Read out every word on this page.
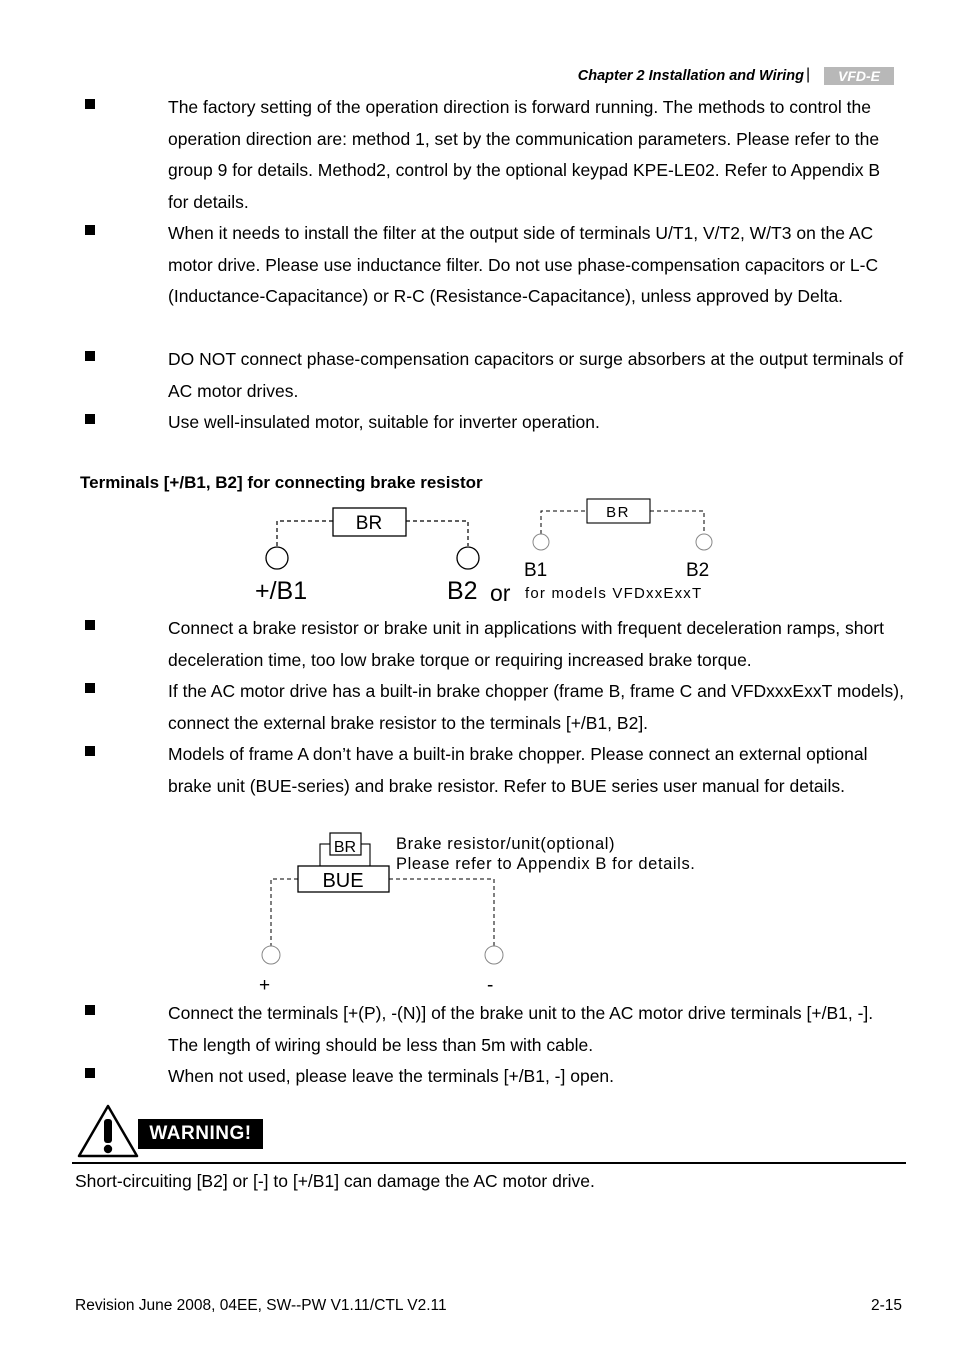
Chapter 2 Installation and Wiring | VFD-E
The factory setting of the operation direction is forward running. The methods to control the operation direction are: method 1, set by the communication parameters. Please refer to the group 9 for details. Method2, control by the optional keypad KPE-LE02. Refer to Appendix B for details.
When it needs to install the filter at the output side of terminals U/T1, V/T2, W/T3 on the AC motor drive. Please use inductance filter. Do not use phase-compensation capacitors or L-C (Inductance-Capacitance) or R-C (Resistance-Capacitance), unless approved by Delta.
DO NOT connect phase-compensation capacitors or surge absorbers at the output terminals of AC motor drives.
Use well-insulated motor, suitable for inverter operation.
Terminals [+/B1, B2] for connecting brake resistor
BR
+/B1	B2 or
BR
B1	B2
for models VFDxxExxT
Connect a brake resistor or brake unit in applications with frequent deceleration ramps, short deceleration time, too low brake torque or requiring increased brake torque.
If the AC motor drive has a built-in brake chopper (frame B, frame C and VFDxxxExxT models), connect the external brake resistor to the terminals [+/B1, B2].
Models of frame A don’t have a built-in brake chopper. Please connect an external optional brake unit (BUE-series) and brake resistor. Refer to BUE series user manual for details.
BR
BUE
Brake resistor/unit(optional)
Please refer to Appendix B for details.
+	-
Connect the terminals [+(P), -(N)] of the brake unit to the AC motor drive terminals [+/B1, -]. The length of wiring should be less than 5m with cable.
When not used, please leave the terminals [+/B1, -] open.
WARNING!
Short-circuiting [B2] or [-] to [+/B1] can damage the AC motor drive.
Revision June 2008, 04EE, SW--PW V1.11/CTL V2.11	2-15
